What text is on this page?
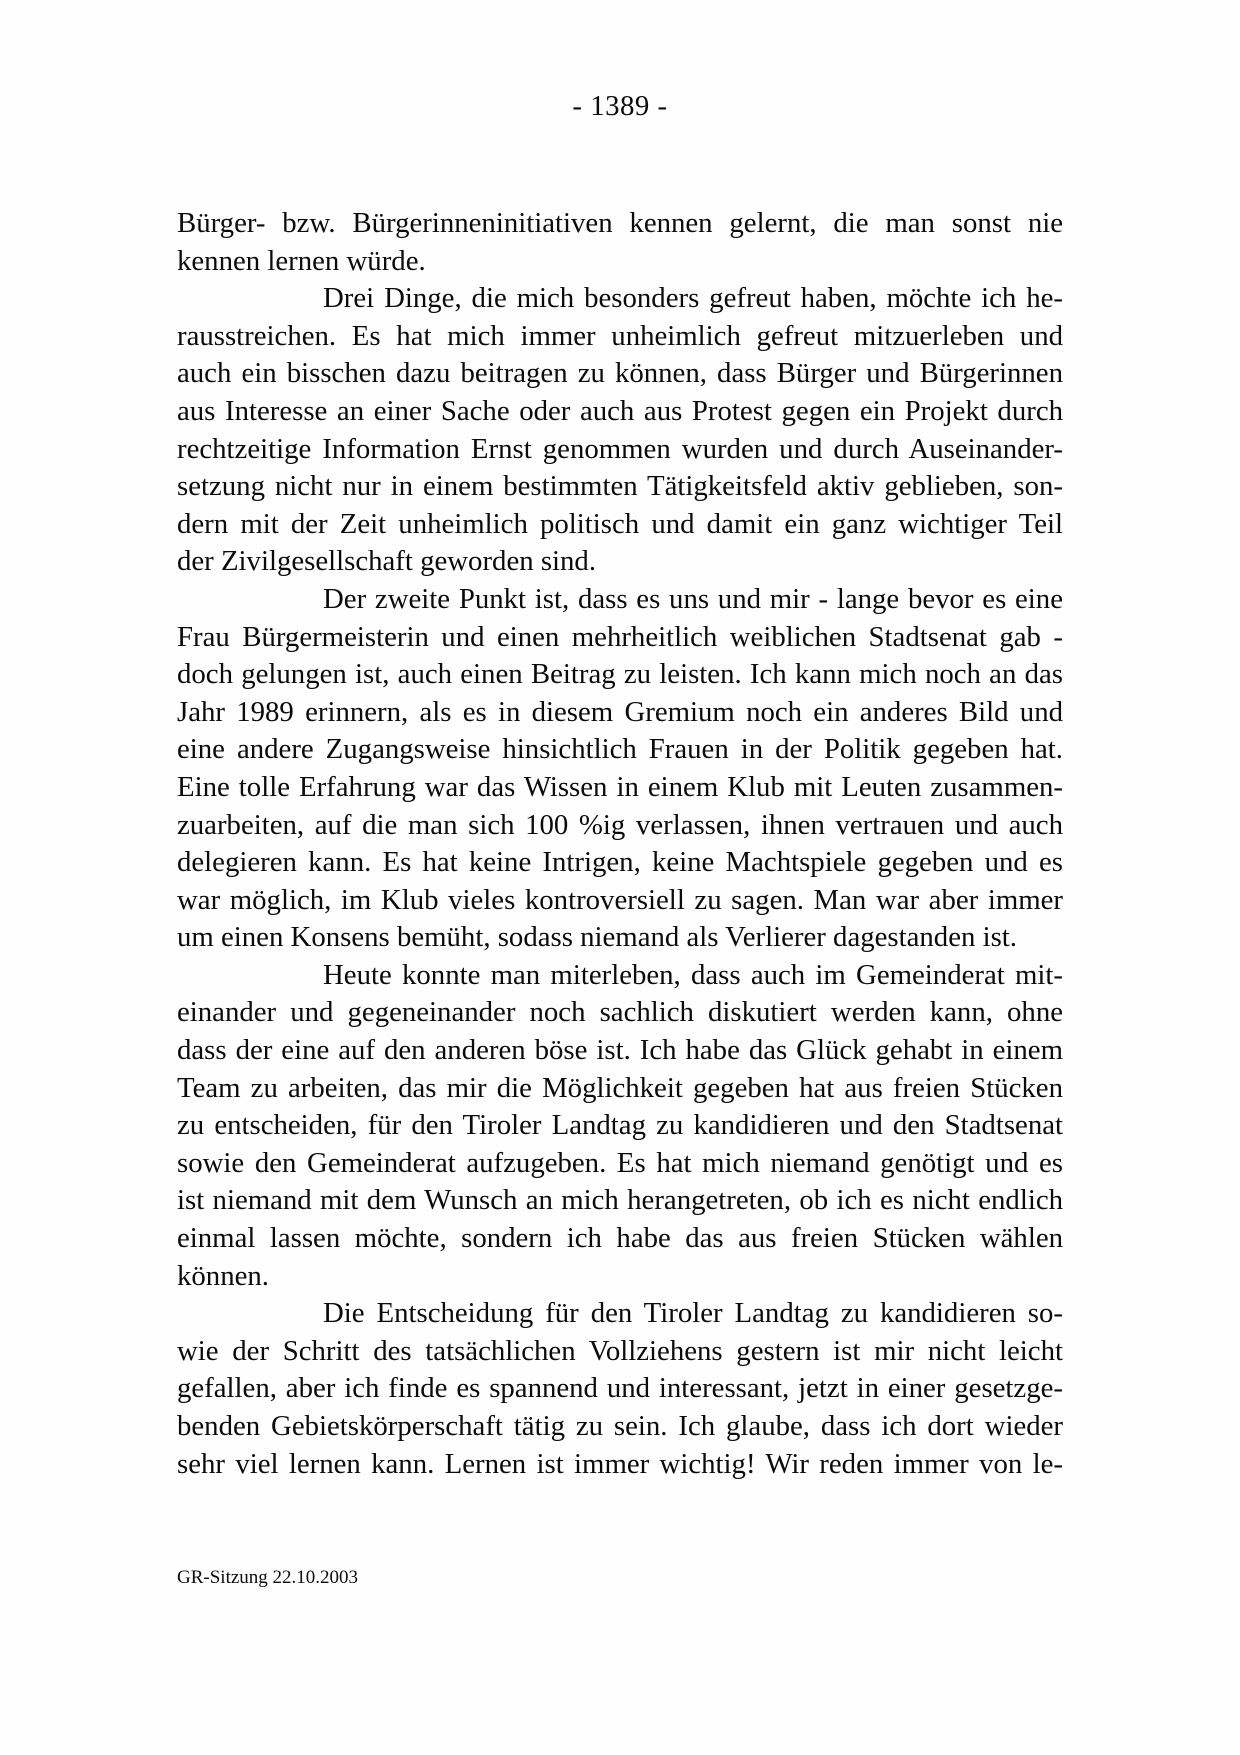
- 1389 -
Bürger- bzw. Bürgerinneninitiativen kennen gelernt, die man sonst nie
kennen lernen würde.
Drei Dinge, die mich besonders gefreut haben, möchte ich he-
rausstreichen. Es hat mich immer unheimlich gefreut mitzuerleben und
auch ein bisschen dazu beitragen zu können, dass Bürger und Bürgerinnen
aus Interesse an einer Sache oder auch aus Protest gegen ein Projekt durch
rechtzeitige Information Ernst genommen wurden und durch Auseinander-
setzung nicht nur in einem bestimmten Tätigkeitsfeld aktiv geblieben, son-
dern mit der Zeit unheimlich politisch und damit ein ganz wichtiger Teil
der Zivilgesellschaft geworden sind.
Der zweite Punkt ist, dass es uns und mir - lange bevor es eine
Frau Bürgermeisterin und einen mehrheitlich weiblichen Stadtsenat gab -
doch gelungen ist, auch einen Beitrag zu leisten. Ich kann mich noch an das
Jahr 1989 erinnern, als es in diesem Gremium noch ein anderes Bild und
eine andere Zugangsweise hinsichtlich Frauen in der Politik gegeben hat.
Eine tolle Erfahrung war das Wissen in einem Klub mit Leuten zusammen-
zuarbeiten, auf die man sich 100 %ig verlassen, ihnen vertrauen und auch
delegieren kann. Es hat keine Intrigen, keine Machtspiele gegeben und es
war möglich, im Klub vieles kontroversiell zu sagen. Man war aber immer
um einen Konsens bemüht, sodass niemand als Verlierer dagestanden ist.
Heute konnte man miterleben, dass auch im Gemeinderat mit-
einander und gegeneinander noch sachlich diskutiert werden kann, ohne
dass der eine auf den anderen böse ist. Ich habe das Glück gehabt in einem
Team zu arbeiten, das mir die Möglichkeit gegeben hat aus freien Stücken
zu entscheiden, für den Tiroler Landtag zu kandidieren und den Stadtsenat
sowie den Gemeinderat aufzugeben. Es hat mich niemand genötigt und es
ist niemand mit dem Wunsch an mich herangetreten, ob ich es nicht endlich
einmal lassen möchte, sondern ich habe das aus freien Stücken wählen
können.
Die Entscheidung für den Tiroler Landtag zu kandidieren so-
wie der Schritt des tatsächlichen Vollziehens gestern ist mir nicht leicht
gefallen, aber ich finde es spannend und interessant, jetzt in einer gesetzge-
benden Gebietskörperschaft tätig zu sein. Ich glaube, dass ich dort wieder
sehr viel lernen kann. Lernen ist immer wichtig! Wir reden immer von le-
GR-Sitzung 22.10.2003
